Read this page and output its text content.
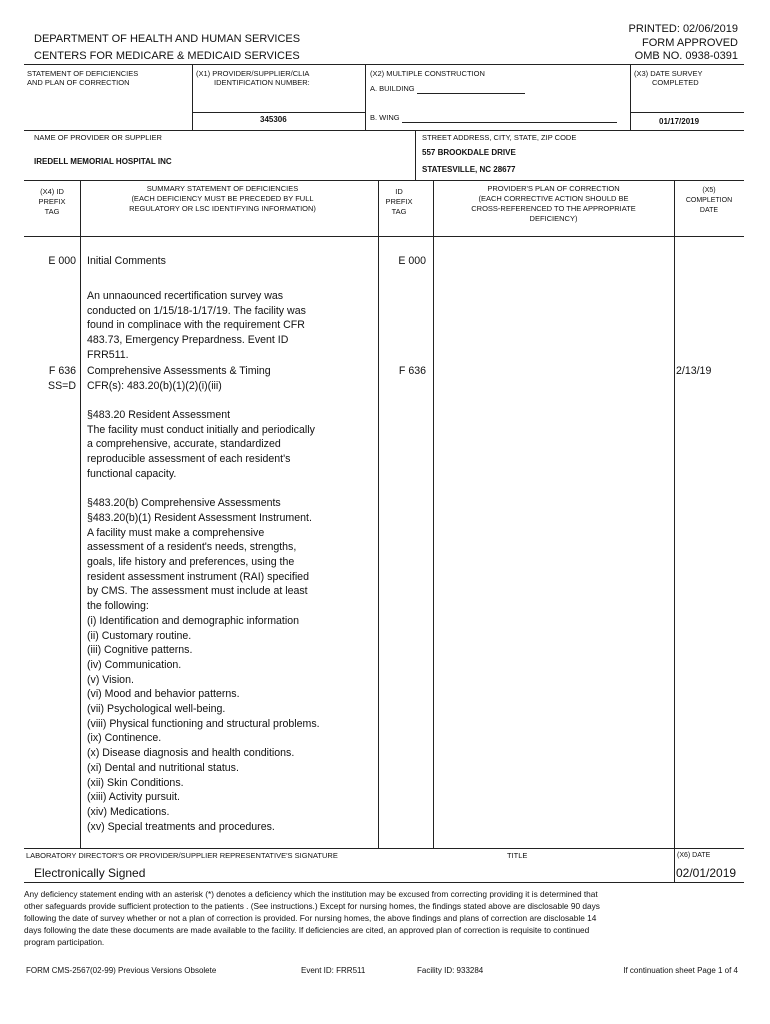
DEPARTMENT OF HEALTH AND HUMAN SERVICES
CENTERS FOR MEDICARE & MEDICAID SERVICES
PRINTED: 02/06/2019
FORM APPROVED
OMB NO. 0938-0391
STATEMENT OF DEFICIENCIES
AND PLAN OF CORRECTION
(X1) PROVIDER/SUPPLIER/CLIA
IDENTIFICATION NUMBER:
345306
(X2) MULTIPLE CONSTRUCTION
A. BUILDING
B. WING
(X3) DATE SURVEY
COMPLETED
01/17/2019
NAME OF PROVIDER OR SUPPLIER
IREDELL MEMORIAL HOSPITAL INC
STREET ADDRESS, CITY, STATE, ZIP CODE
557 BROOKDALE DRIVE
STATESVILLE, NC 28677
(X4) ID
PREFIX
TAG
SUMMARY STATEMENT OF DEFICIENCIES
(EACH DEFICIENCY MUST BE PRECEDED BY FULL
REGULATORY OR LSC IDENTIFYING INFORMATION)
ID
PREFIX
TAG
PROVIDER'S PLAN OF CORRECTION
(EACH CORRECTIVE ACTION SHOULD BE
CROSS-REFERENCED TO THE APPROPRIATE
DEFICIENCY)
(X5)
COMPLETION
DATE
E 000 Initial Comments	E 000
An unnaounced recertification survey was
conducted on 1/15/18-1/17/19. The facility was
found in complinace with the requirement CFR
483.73, Emergency Prepardness. Event ID
FRR511.
F 636
SS=D
Comprehensive Assessments & Timing
CFR(s): 483.20(b)(1)(2)(i)(iii)
F 636	2/13/19
§483.20 Resident Assessment
The facility must conduct initially and periodically
a comprehensive, accurate, standardized
reproducible assessment of each resident's
functional capacity.

§483.20(b) Comprehensive Assessments
§483.20(b)(1) Resident Assessment Instrument.
A facility must make a comprehensive
assessment of a resident's needs, strengths,
goals, life history and preferences, using the
resident assessment instrument (RAI) specified
by CMS. The assessment must include at least
the following:
(i) Identification and demographic information
(ii) Customary routine.
(iii) Cognitive patterns.
(iv) Communication.
(v) Vision.
(vi) Mood and behavior patterns.
(vii) Psychological well-being.
(viii) Physical functioning and structural problems.
(ix) Continence.
(x) Disease diagnosis and health conditions.
(xi) Dental and nutritional status.
(xii) Skin Conditions.
(xiii) Activity pursuit.
(xiv) Medications.
(xv) Special treatments and procedures.
LABORATORY DIRECTOR'S OR PROVIDER/SUPPLIER REPRESENTATIVE'S SIGNATURE	TITLE	(X6) DATE
Electronically Signed	02/01/2019
Any deficiency statement ending with an asterisk (*) denotes a deficiency which the institution may be excused from correcting providing it is determined that
other safeguards provide sufficient protection to the patients . (See instructions.) Except for nursing homes, the findings stated above are disclosable 90 days
following the date of survey whether or not a plan of correction is provided. For nursing homes, the above findings and plans of correction are disclosable 14
days following the date these documents are made available to the facility. If deficiencies are cited, an approved plan of correction is requisite to continued
program participation.
FORM CMS-2567(02-99) Previous Versions Obsolete	Event ID: FRR511	Facility ID: 933284	If continuation sheet Page 1 of 4
